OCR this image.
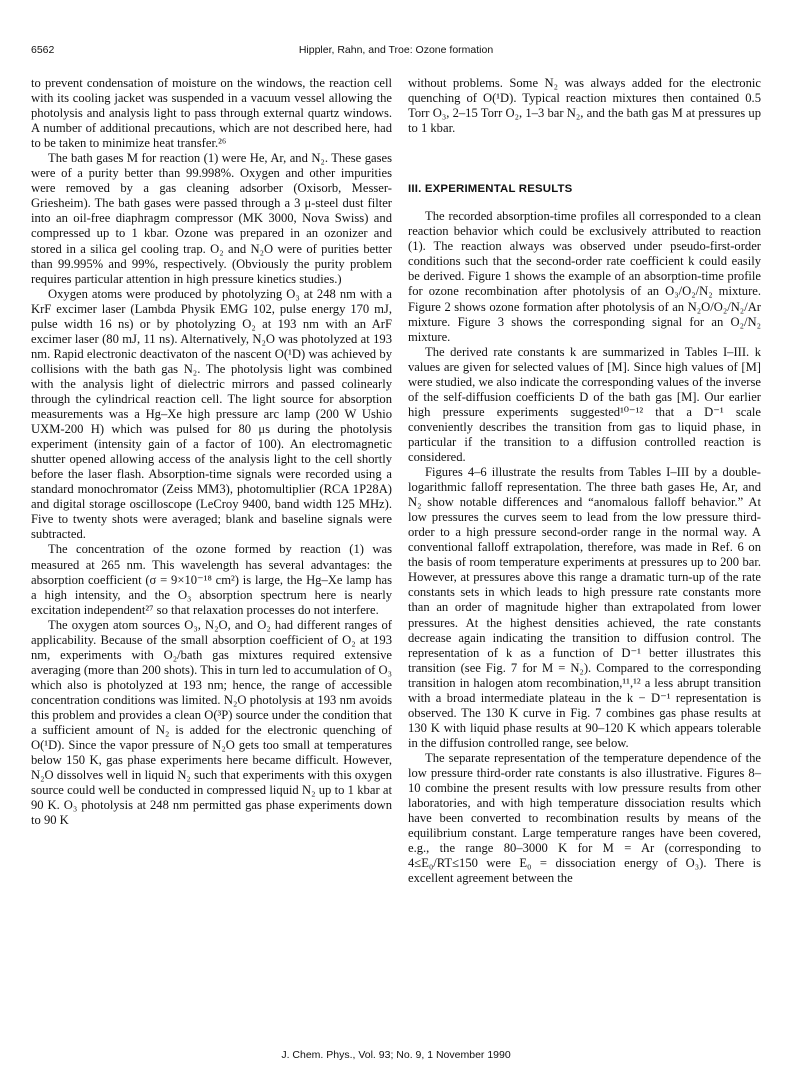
6562	Hippler, Rahn, and Troe: Ozone formation

to prevent condensation of moisture on the windows, the reaction cell with its cooling jacket was suspended in a vacuum vessel allowing the photolysis and analysis light to pass through external quartz windows. A number of additional precautions, which are not described here, had to be taken to minimize heat transfer.²⁶

The bath gases M for reaction (1) were He, Ar, and N₂. These gases were of a purity better than 99.998%. Oxygen and other impurities were removed by a gas cleaning adsorber (Oxisorb, Messer-Griesheim). The bath gases were passed through a 3 μ-steel dust filter into an oil-free diaphragm compressor (MK 3000, Nova Swiss) and compressed up to 1 kbar. Ozone was prepared in an ozonizer and stored in a silica gel cooling trap. O₂ and N₂O were of purities better than 99.995% and 99%, respectively. (Obviously the purity problem requires particular attention in high pressure kinetics studies.)

Oxygen atoms were produced by photolyzing O₃ at 248 nm with a KrF excimer laser (Lambda Physik EMG 102, pulse energy 170 mJ, pulse width 16 ns) or by photolyzing O₂ at 193 nm with an ArF excimer laser (80 mJ, 11 ns). Alternatively, N₂O was photolyzed at 193 nm. Rapid electronic deactivaton of the nascent O(¹D) was achieved by collisions with the bath gas N₂. The photolysis light was combined with the analysis light of dielectric mirrors and passed colinearly through the cylindrical reaction cell. The light source for absorption measurements was a Hg–Xe high pressure arc lamp (200 W Ushio UXM-200 H) which was pulsed for 80 μs during the photolysis experiment (intensity gain of a factor of 100). An electromagnetic shutter opened allowing access of the analysis light to the cell shortly before the laser flash. Absorption-time signals were recorded using a standard monochromator (Zeiss MM3), photomultiplier (RCA 1P28A) and digital storage oscilloscope (LeCroy 9400, band width 125 MHz). Five to twenty shots were averaged; blank and baseline signals were subtracted.

The concentration of the ozone formed by reaction (1) was measured at 265 nm. This wavelength has several advantages: the absorption coefficient (σ = 9×10⁻¹⁸ cm²) is large, the Hg–Xe lamp has a high intensity, and the O₃ absorption spectrum here is nearly excitation independent²⁷ so that relaxation processes do not interfere.

The oxygen atom sources O₃, N₂O, and O₂ had different ranges of applicability. Because of the small absorption coefficient of O₂ at 193 nm, experiments with O₂/bath gas mixtures required extensive averaging (more than 200 shots). This in turn led to accumulation of O₃ which also is photolyzed at 193 nm; hence, the range of accessible concentration conditions was limited. N₂O photolysis at 193 nm avoids this problem and provides a clean O(³P) source under the condition that a sufficient amount of N₂ is added for the electronic quenching of O(¹D). Since the vapor pressure of N₂O gets too small at temperatures below 150 K, gas phase experiments here became difficult. However, N₂O dissolves well in liquid N₂ such that experiments with this oxygen source could well be conducted in compressed liquid N₂ up to 1 kbar at 90 K. O₃ photolysis at 248 nm permitted gas phase experiments down to 90 K

without problems. Some N₂ was always added for the electronic quenching of O(¹D). Typical reaction mixtures then contained 0.5 Torr O₃, 2–15 Torr O₂, 1–3 bar N₂, and the bath gas M at pressures up to 1 kbar.

III. EXPERIMENTAL RESULTS

The recorded absorption-time profiles all corresponded to a clean reaction behavior which could be exclusively attributed to reaction (1). The reaction always was observed under pseudo-first-order conditions such that the second-order rate coefficient k could easily be derived. Figure 1 shows the example of an absorption-time profile for ozone recombination after photolysis of an O₃/O₂/N₂ mixture. Figure 2 shows ozone formation after photolysis of an N₂O/O₂/N₂/Ar mixture. Figure 3 shows the corresponding signal for an O₂/N₂ mixture.

The derived rate constants k are summarized in Tables I–III. k values are given for selected values of [M]. Since high values of [M] were studied, we also indicate the corresponding values of the inverse of the self-diffusion coefficients D of the bath gas [M]. Our earlier high pressure experiments suggested¹⁰⁻¹² that a D⁻¹ scale conveniently describes the transition from gas to liquid phase, in particular if the transition to a diffusion controlled reaction is considered.

Figures 4–6 illustrate the results from Tables I–III by a double-logarithmic falloff representation. The three bath gases He, Ar, and N₂ show notable differences and “anomalous falloff behavior.” At low pressures the curves seem to lead from the low pressure third-order to a high pressure second-order range in the normal way. A conventional falloff extrapolation, therefore, was made in Ref. 6 on the basis of room temperature experiments at pressures up to 200 bar. However, at pressures above this range a dramatic turn-up of the rate constants sets in which leads to high pressure rate constants more than an order of magnitude higher than extrapolated from lower pressures. At the highest densities achieved, the rate constants decrease again indicating the transition to diffusion control. The representation of k as a function of D⁻¹ better illustrates this transition (see Fig. 7 for M = N₂). Compared to the corresponding transition in halogen atom recombination,¹¹,¹² a less abrupt transition with a broad intermediate plateau in the k − D⁻¹ representation is observed. The 130 K curve in Fig. 7 combines gas phase results at 130 K with liquid phase results at 90–120 K which appears tolerable in the diffusion controlled range, see below.

The separate representation of the temperature dependence of the low pressure third-order rate constants is also illustrative. Figures 8–10 combine the present results with low pressure results from other laboratories, and with high temperature dissociation results which have been converted to recombination results by means of the equilibrium constant. Large temperature ranges have been covered, e.g., the range 80–3000 K for M = Ar (corresponding to 4≤E₀/RT≤150 were E₀ = dissociation energy of O₃). There is excellent agreement between the

J. Chem. Phys., Vol. 93; No. 9, 1 November 1990
